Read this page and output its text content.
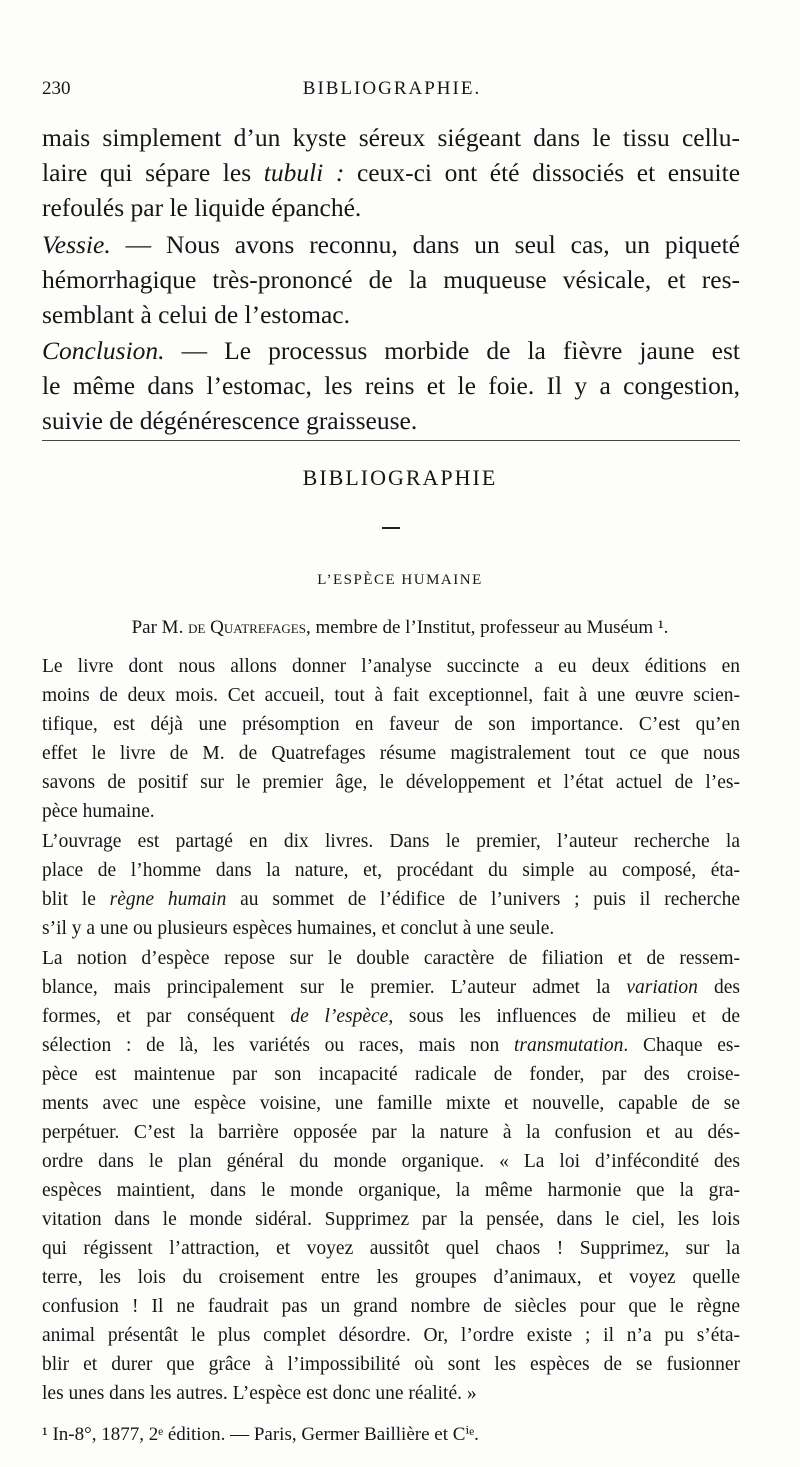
230	BIBLIOGRAPHIE.
mais simplement d’un kyste séreux siégeant dans le tissu cellu-
laire qui sépare les tubuli : ceux-ci ont été dissociés et ensuite
refoulés par le liquide épanché.
Vessie. — Nous avons reconnu, dans un seul cas, un piqueté
hémorrhagique très-prononcé de la muqueuse vésicale, et res-
semblant à celui de l’estomac.
Conclusion. — Le processus morbide de la fièvre jaune est
le même dans l’estomac, les reins et le foie. Il y a congestion,
suivie de dégénérescence graisseuse.
BIBLIOGRAPHIE
L’ESPÈCE HUMAINE
Par M. de Quatrefages, membre de l’Institut, professeur au Muséum ¹.
Le livre dont nous allons donner l’analyse succincte a eu deux éditions en
moins de deux mois. Cet accueil, tout à fait exceptionnel, fait à une œuvre scien-
tifique, est déjà une présomption en faveur de son importance. C’est qu’en
effet le livre de M. de Quatrefages résume magistralement tout ce que nous
savons de positif sur le premier âge, le développement et l’état actuel de l’es-
pèce humaine.
L’ouvrage est partagé en dix livres. Dans le premier, l’auteur recherche la
place de l’homme dans la nature, et, procédant du simple au composé, éta-
blit le règne humain au sommet de l’édifice de l’univers ; puis il recherche
s’il y a une ou plusieurs espèces humaines, et conclut à une seule.
La notion d’espèce repose sur le double caractère de filiation et de ressem-
blance, mais principalement sur le premier. L’auteur admet la variation des
formes, et par conséquent de l’espèce, sous les influences de milieu et de
sélection : de là, les variétés ou races, mais non transmutation. Chaque es-
pèce est maintenue par son incapacité radicale de fonder, par des croise-
ments avec une espèce voisine, une famille mixte et nouvelle, capable de se
perpétuer. C’est la barrière opposée par la nature à la confusion et au dés-
ordre dans le plan général du monde organique. « La loi d’infécondité des
espèces maintient, dans le monde organique, la même harmonie que la gra-
vitation dans le monde sidéral. Supprimez par la pensée, dans le ciel, les lois
qui régissent l’attraction, et voyez aussitôt quel chaos ! Supprimez, sur la
terre, les lois du croisement entre les groupes d’animaux, et voyez quelle
confusion ! Il ne faudrait pas un grand nombre de siècles pour que le règne
animal présentât le plus complet désordre. Or, l’ordre existe ; il n’a pu s’éta-
blir et durer que grâce à l’impossibilité où sont les espèces de se fusionner
les unes dans les autres. L’espèce est donc une réalité. »
¹ In-8°, 1877, 2ᵉ édition. — Paris, Germer Baillière et Cⁱᵉ.
